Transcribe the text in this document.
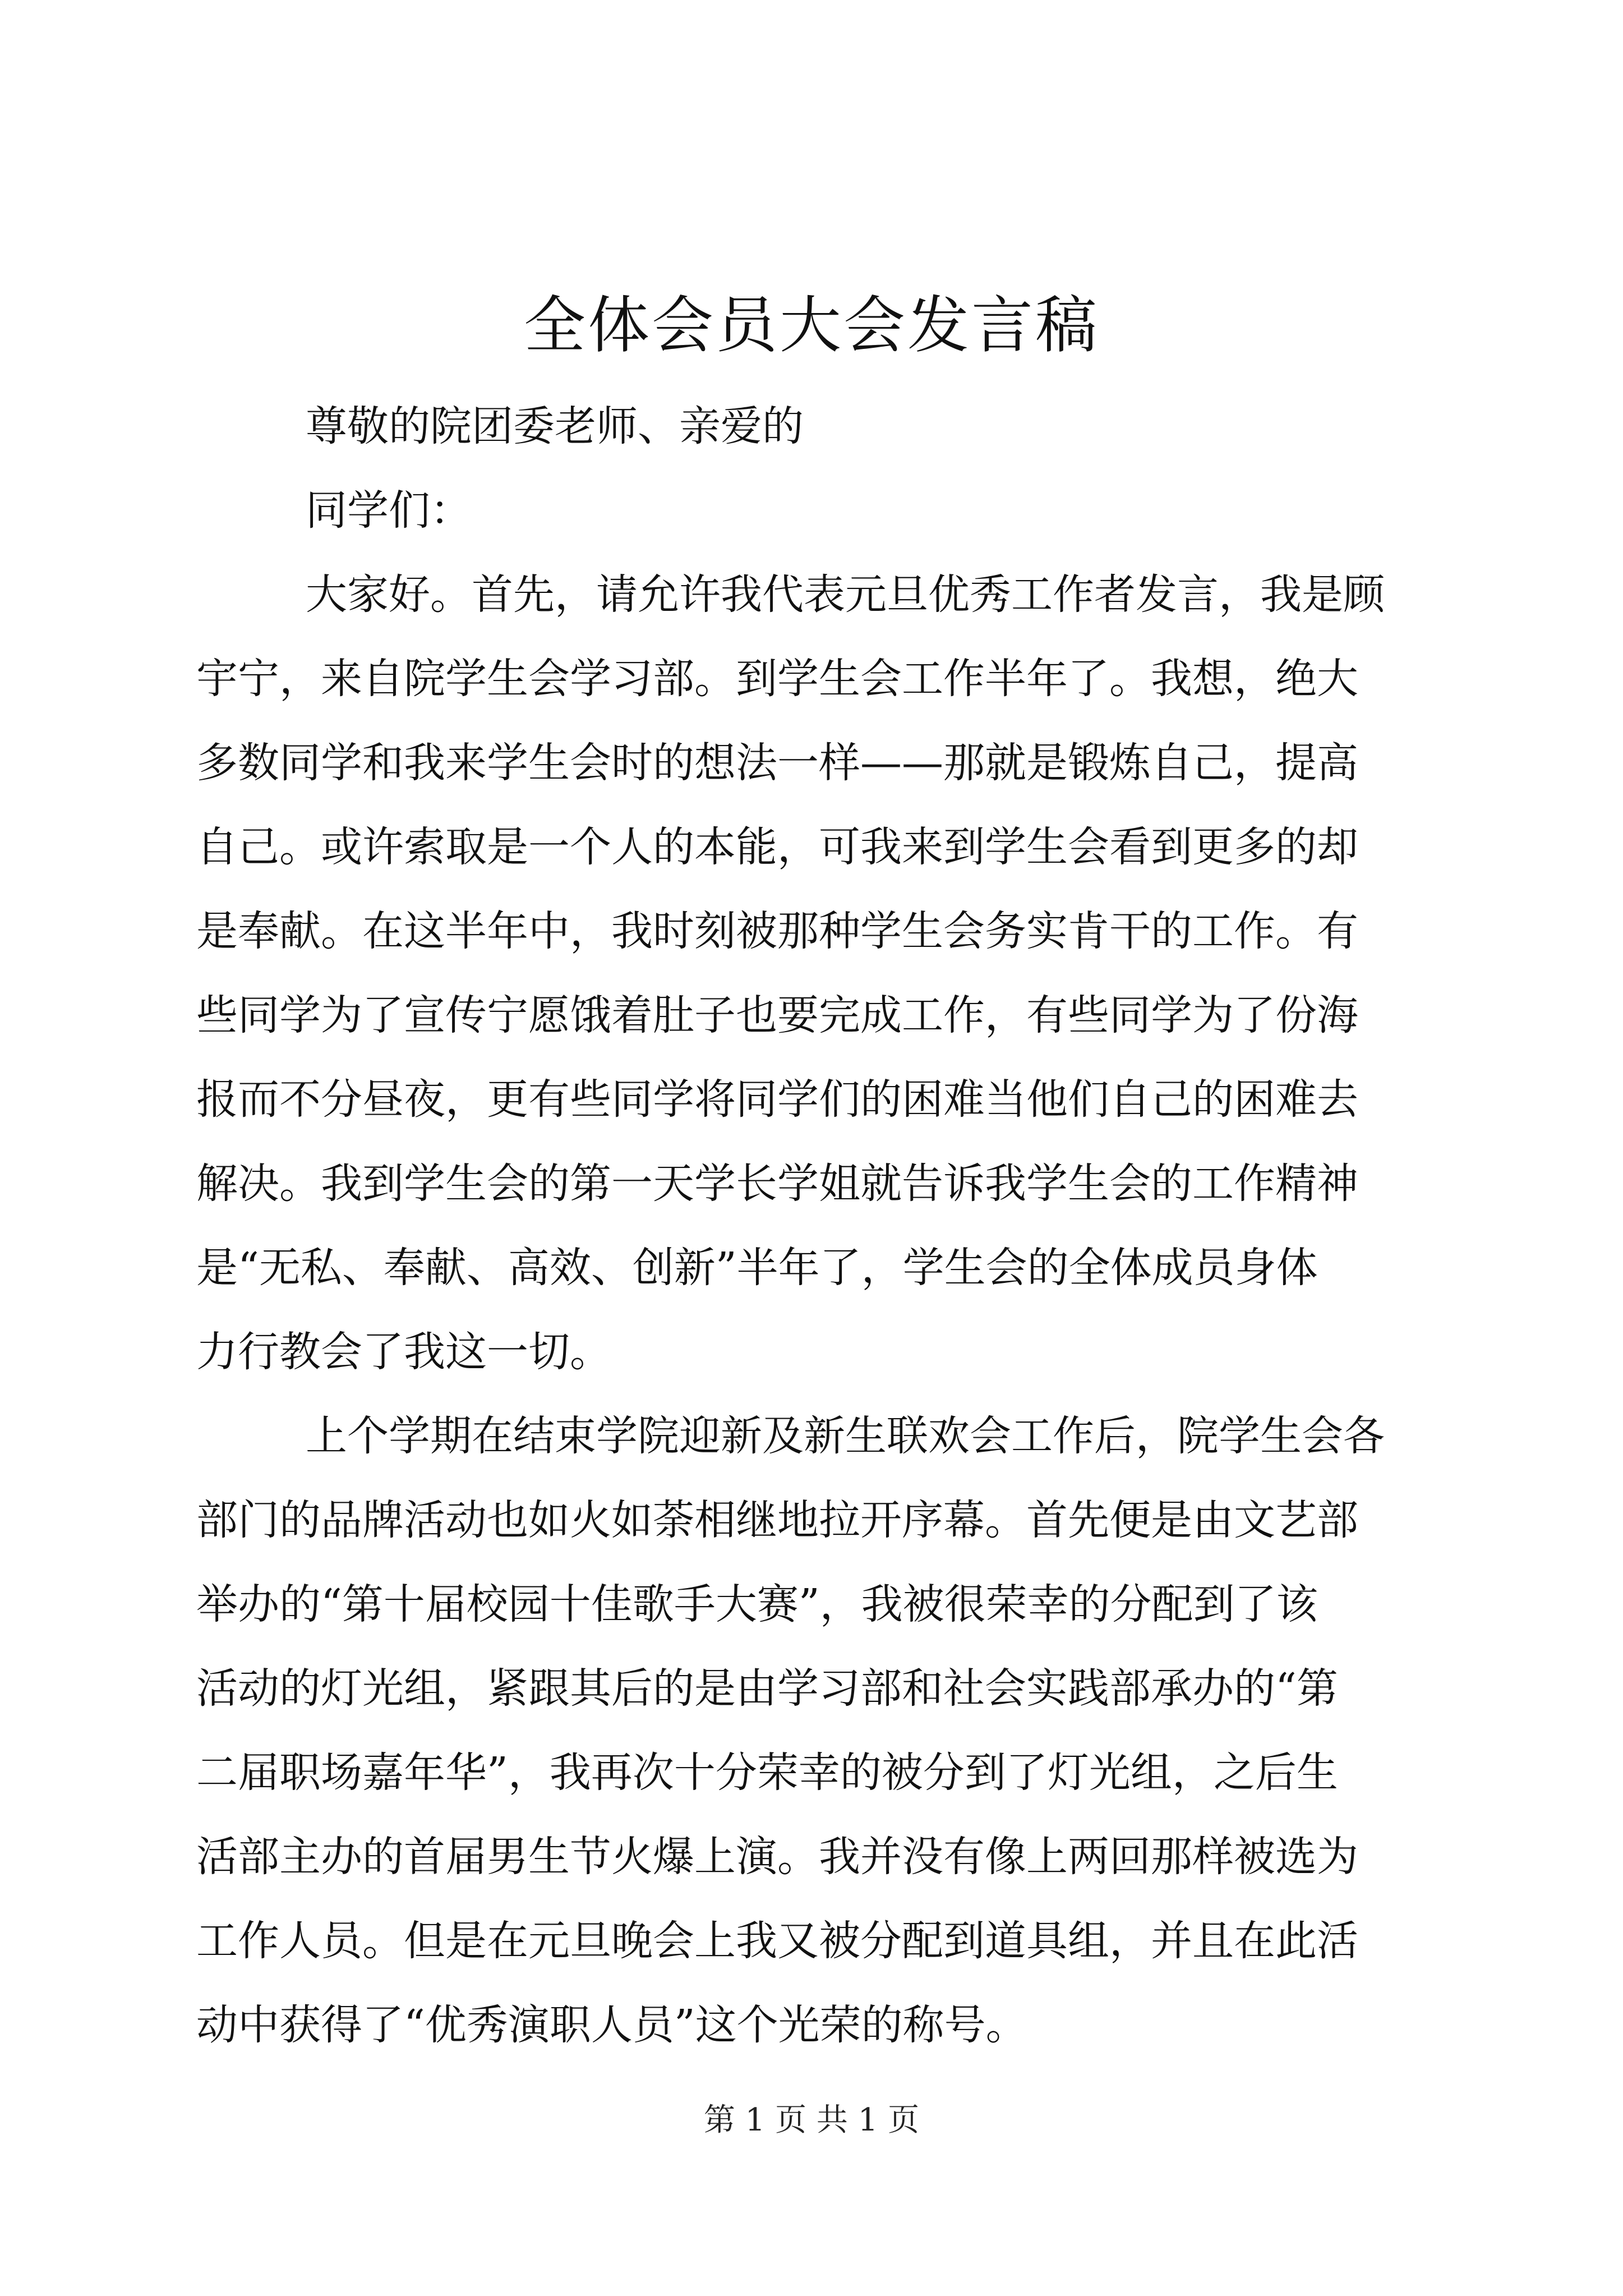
全体会员大会发言稿

尊敬的院团委老师、亲爱的

同学们：

大家好。首先，请允许我代表元旦优秀工作者发言，我是顾

宇宁，来自院学生会学习部。到学生会工作半年了。我想，绝大

多数同学和我来学生会时的想法一样——那就是锻炼自己，提高

自己。或许索取是一个人的本能，可我来到学生会看到更多的却

是奉献。在这半年中，我时刻被那种学生会务实肯干的工作。有

些同学为了宣传宁愿饿着肚子也要完成工作，有些同学为了份海

报而不分昼夜，更有些同学将同学们的困难当他们自己的困难去

解决。我到学生会的第一天学长学姐就告诉我学生会的工作精神

是“无私、奉献、高效、创新”半年了，学生会的全体成员身体

力行教会了我这一切。

上个学期在结束学院迎新及新生联欢会工作后，院学生会各

部门的品牌活动也如火如荼相继地拉开序幕。首先便是由文艺部

举办的“第十届校园十佳歌手大赛”，我被很荣幸的分配到了该

活动的灯光组，紧跟其后的是由学习部和社会实践部承办的“第

二届职场嘉年华”，我再次十分荣幸的被分到了灯光组，之后生

活部主办的首届男生节火爆上演。我并没有像上两回那样被选为

工作人员。但是在元旦晚会上我又被分配到道具组，并且在此活

动中获得了“优秀演职人员”这个光荣的称号。

第 1 页 共 1 页
